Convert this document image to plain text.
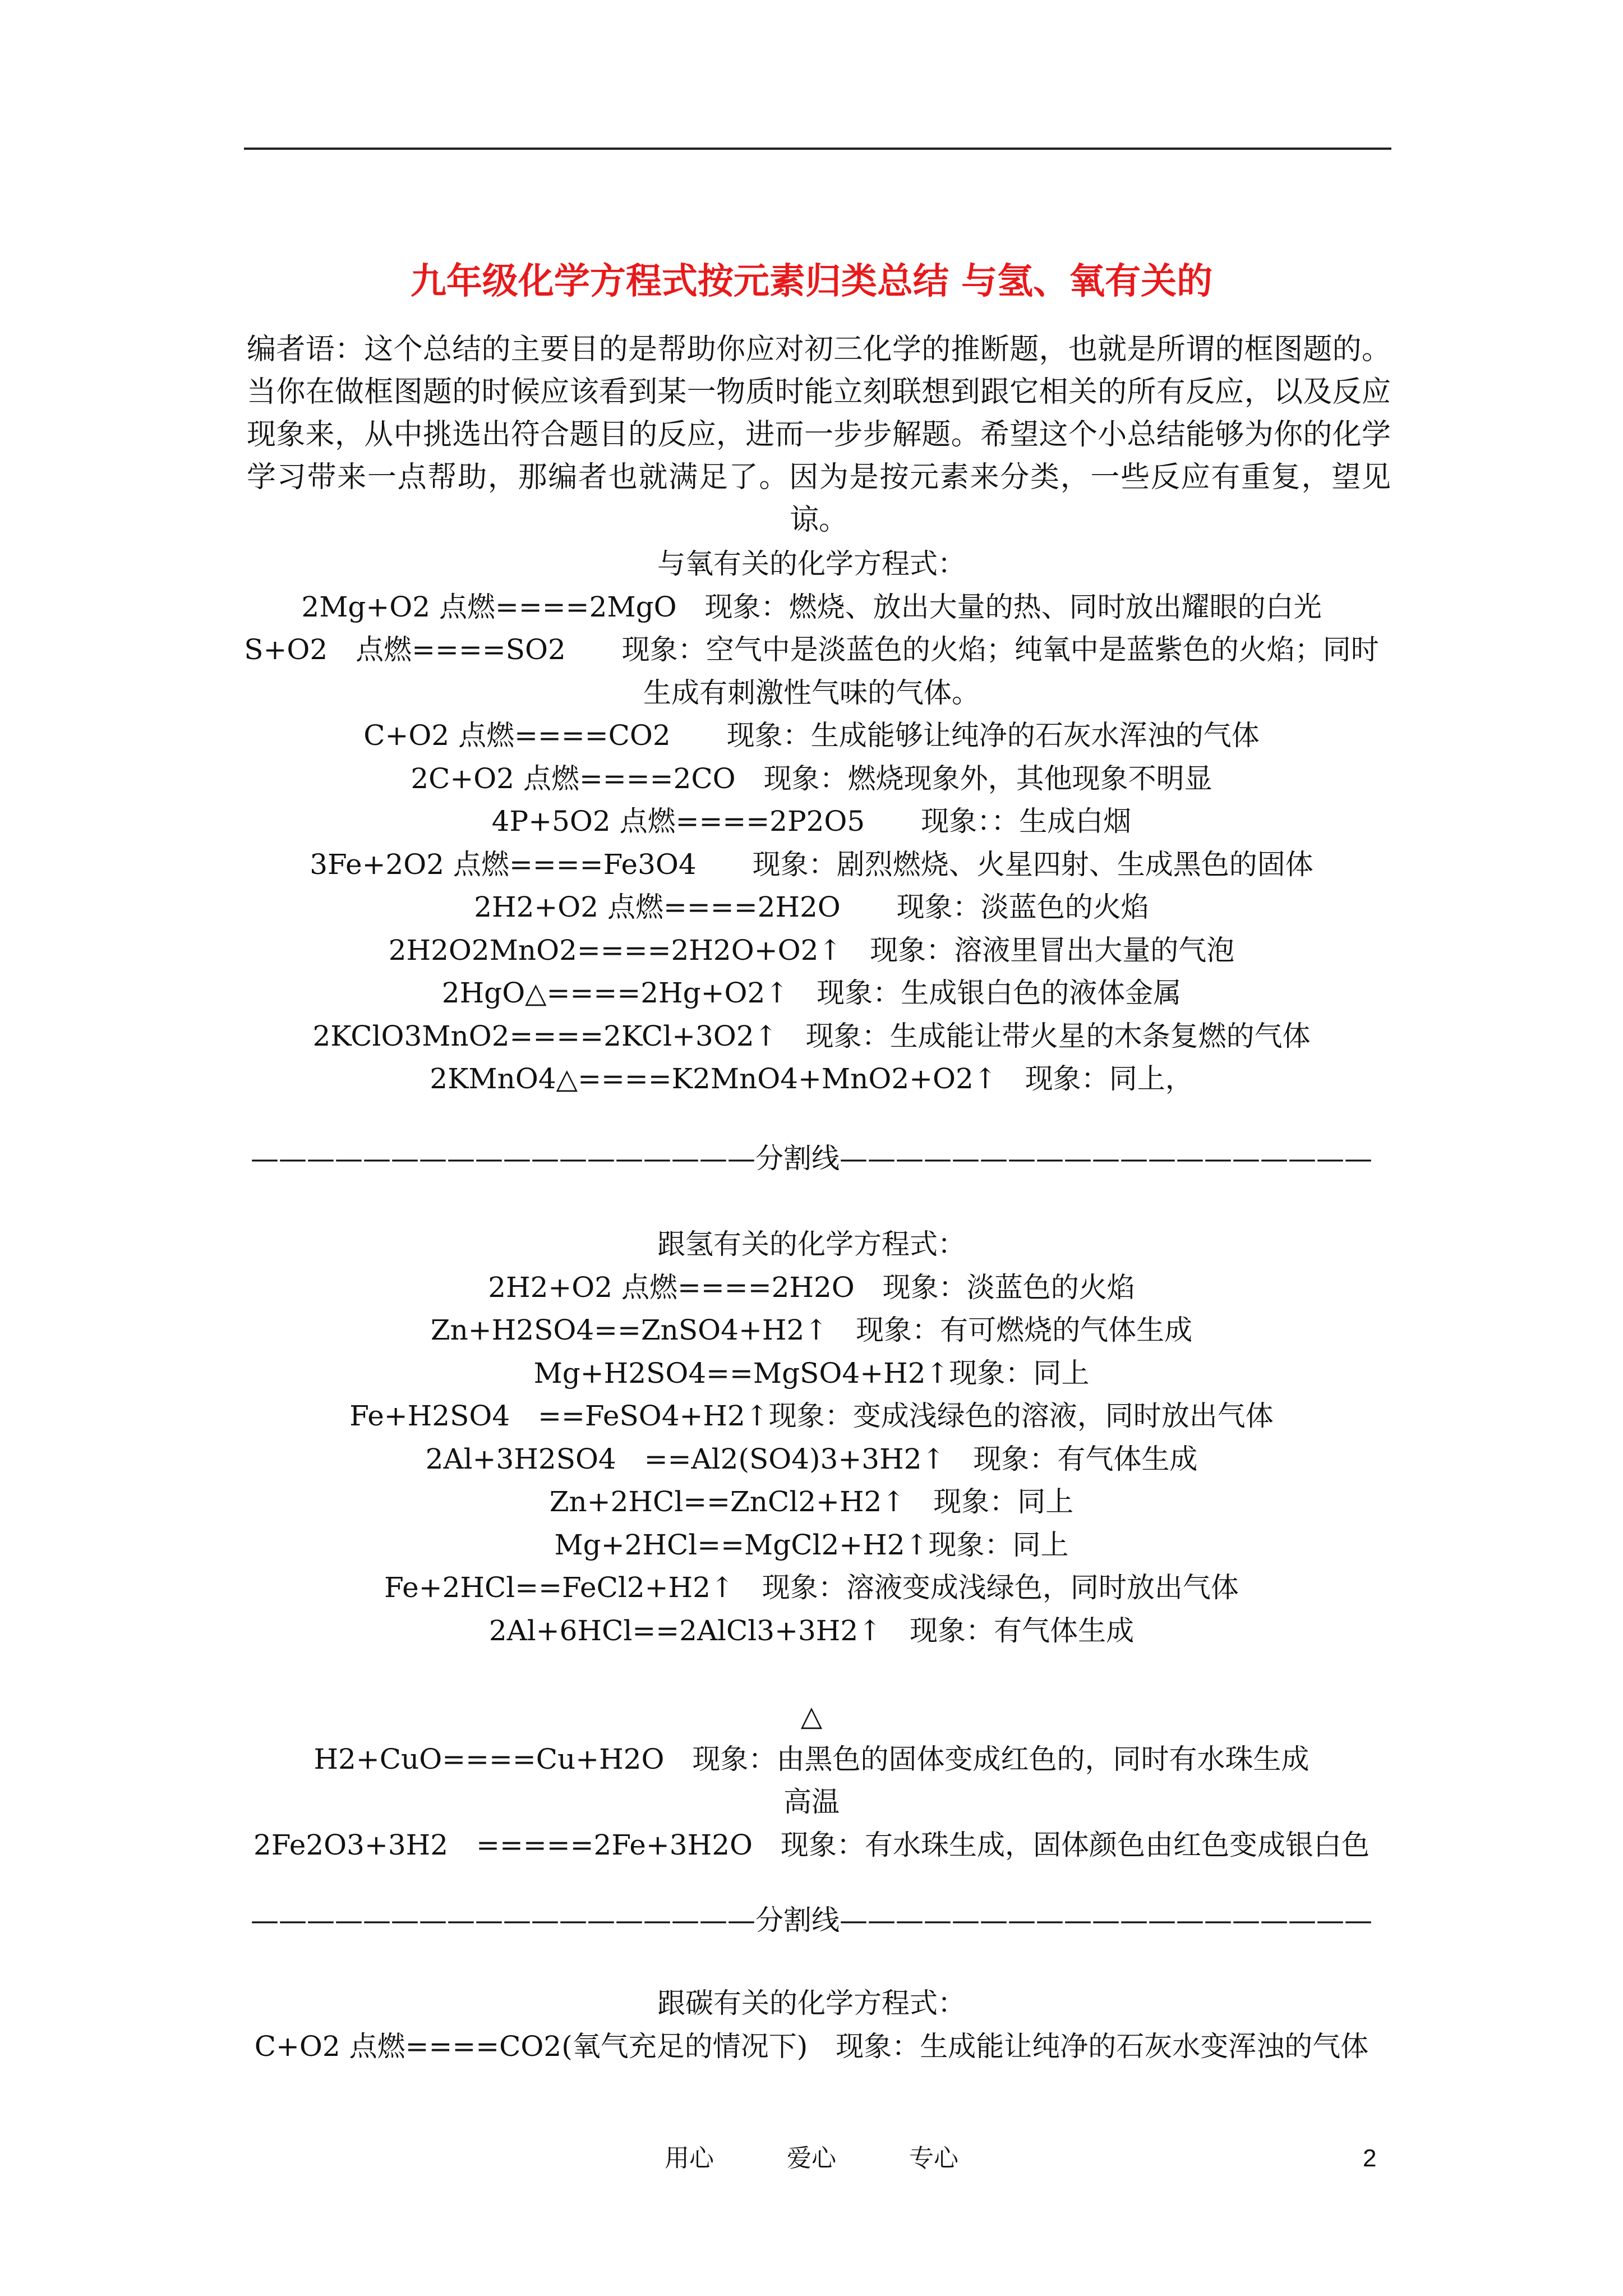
九年级化学方程式按元素归类总结 与氢、氧有关的

编者语：这个总结的主要目的是帮助你应对初三化学的推断题，也就是所谓的框图题的。当你在做框图题的时候应该看到某一物质时能立刻联想到跟它相关的所有反应，以及反应现象来，从中挑选出符合题目的反应，进而一步步解题。希望这个小总结能够为你的化学学习带来一点帮助，那编者也就满足了。因为是按元素来分类，一些反应有重复，望见谅。

与氧有关的化学方程式：
2Mg+O2 点燃====2MgO　现象：燃烧、放出大量的热、同时放出耀眼的白光
S+O2　点燃====SO2　　现象：空气中是淡蓝色的火焰；纯氧中是蓝紫色的火焰；同时生成有刺激性气味的气体。
C+O2 点燃====CO2　　现象：生成能够让纯净的石灰水浑浊的气体
2C+O2 点燃====2CO　现象：燃烧现象外，其他现象不明显
4P+5O2 点燃====2P2O5　　现象：：生成白烟
3Fe+2O2 点燃====Fe3O4　　现象：剧烈燃烧、火星四射、生成黑色的固体
2H2+O2 点燃====2H2O　　现象：淡蓝色的火焰
2H2O2MnO2====2H2O+O2↑　现象：溶液里冒出大量的气泡
2HgO△====2Hg+O2↑　现象：生成银白色的液体金属
2KClO3MnO2====2KCl+3O2↑　现象：生成能让带火星的木条复燃的气体
2KMnO4△====K2MnO4+MnO2+O2↑　现象：同上，
——————————————————分割线———————————————————
跟氢有关的化学方程式：
2H2+O2 点燃====2H2O　现象：淡蓝色的火焰
Zn+H2SO4==ZnSO4+H2↑　现象：有可燃烧的气体生成
Mg+H2SO4==MgSO4+H2↑现象：同上
Fe+H2SO4　==FeSO4+H2↑现象：变成浅绿色的溶液，同时放出气体
2Al+3H2SO4　==Al2(SO4)3+3H2↑　现象：有气体生成
Zn+2HCl==ZnCl2+H2↑　现象：同上
Mg+2HCl==MgCl2+H2↑现象：同上
Fe+2HCl==FeCl2+H2↑　现象：溶液变成浅绿色，同时放出气体
2Al+6HCl==2AlCl3+3H2↑　现象：有气体生成
△
H2+CuO====Cu+H2O　现象：由黑色的固体变成红色的，同时有水珠生成
高温
2Fe2O3+3H2　=====2Fe+3H2O　现象：有水珠生成，固体颜色由红色变成银白色
——————————————————分割线———————————————————
跟碳有关的化学方程式：
C+O2 点燃====CO2(氧气充足的情况下)　现象：生成能让纯净的石灰水变浑浊的气体
用心	爱心	专心	2
